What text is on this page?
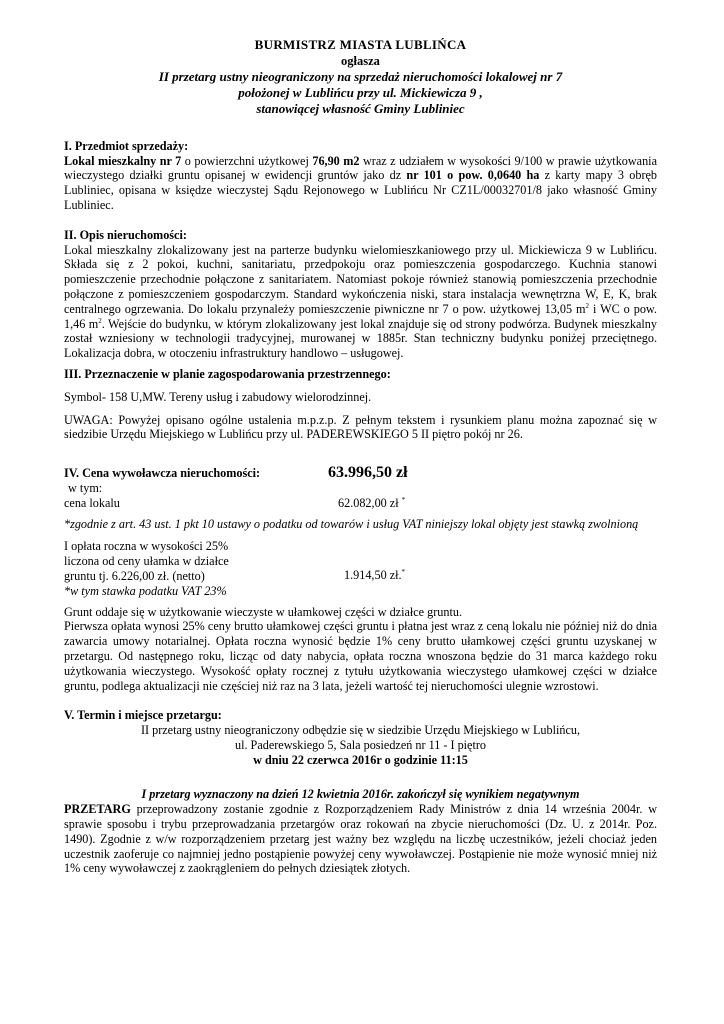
BURMISTRZ MIASTA LUBLIŃCA
ogłasza
II przetarg ustny nieograniczony na sprzedaż nieruchomości lokalowej nr 7
położonej w Lublińcu przy ul. Mickiewicza 9 ,
stanowiącej własność Gminy Lubliniec

I. Przedmiot sprzedaży:

Lokal mieszkalny nr 7 o powierzchni użytkowej 76,90 m2 wraz z udziałem w wysokości 9/100 w prawie użytkowania wieczystego działki gruntu opisanej w ewidencji gruntów jako dz nr 101 o pow. 0,0640 ha z karty mapy 3 obręb Lubliniec, opisana w księdze wieczystej Sądu Rejonowego w Lublińcu Nr CZ1L/00032701/8 jako własność Gminy Lubliniec.

II. Opis nieruchomości:

Lokal mieszkalny zlokalizowany jest na parterze budynku wielomieszkaniowego przy ul. Mickiewicza 9 w Lublińcu. Składa się z 2 pokoi, kuchni, sanitariatu, przedpokoju oraz pomieszczenia gospodarczego. Kuchnia stanowi pomieszczenie przechodnie połączone z sanitariatem. Natomiast pokoje również stanowią pomieszczenia przechodnie połączone z pomieszczeniem gospodarczym. Standard wykończenia niski, stara instalacja wewnętrzna W, E, K, brak centralnego ogrzewania. Do lokalu przynależy pomieszczenie piwniczne nr 7 o pow. użytkowej 13,05 $m^2$ i WC o pow. 1,46 $m^2$. Wejście do budynku, w którym zlokalizowany jest lokal znajduje się od strony podwórza. Budynek mieszkalny został wzniesiony w technologii tradycyjnej, murowanej w 1885r. Stan techniczny budynku poniżej przeciętnego. Lokalizacja dobra, w otoczeniu infrastruktury handlowo – usługowej.

III. Przeznaczenie w planie zagospodarowania przestrzennego:

Symbol- 158 U,MW. Tereny usług i zabudowy wielorodzinnej.

UWAGA: Powyżej opisano ogólne ustalenia m.p.z.p. Z pełnym tekstem i rysunkiem planu można zapoznać się w siedzibie Urzędu Miejskiego w Lublińcu przy ul. PADEREWSKIEGO 5 II piętro pokój nr 26.

IV. Cena wywoławcza nieruchomości:	63.996,50 zł

w tym:

cena lokalu	62.082,00 zł *

*zgodnie z art. 43 ust. 1 pkt 10 ustawy o podatku od towarów i usług VAT niniejszy lokal objęty jest stawką zwolnioną

I opłata roczna w wysokości 25%
liczona od ceny ułamka w działce
gruntu tj. 6.226,00 zł. (netto)
*w tym stawka podatku VAT 23%
1.914,50 zł.*

Grunt oddaje się w użytkowanie wieczyste w ułamkowej części w działce gruntu.

Pierwsza opłata wynosi 25% ceny brutto ułamkowej części gruntu i płatna jest wraz z ceną lokalu nie później niż do dnia zawarcia umowy notarialnej. Opłata roczna wynosić będzie 1% ceny brutto ułamkowej części gruntu uzyskanej w przetargu. Od następnego roku, licząc od daty nabycia, opłata roczna wnoszona będzie do 31 marca każdego roku użytkowania wieczystego. Wysokość opłaty rocznej z tytułu użytkowania wieczystego ułamkowej części w działce gruntu, podlega aktualizacji nie częściej niż raz na 3 lata, jeżeli wartość tej nieruchomości ulegnie wzrostowi.

V. Termin i miejsce przetargu:

II przetarg ustny nieograniczony odbędzie się w siedzibie Urzędu Miejskiego w Lublińcu,

ul. Paderewskiego 5, Sala posiedzeń nr 11 - I piętro

w dniu 22 czerwca 2016r o godzinie 11:15

I przetarg wyznaczony na dzień 12 kwietnia 2016r. zakończył się wynikiem negatywnym

PRZETARG przeprowadzony zostanie zgodnie z Rozporządzeniem Rady Ministrów z dnia 14 września 2004r. w sprawie sposobu i trybu przeprowadzania przetargów oraz rokowań na zbycie nieruchomości (Dz. U. z 2014r. Poz. 1490). Zgodnie z w/w rozporządzeniem przetarg jest ważny bez względu na liczbę uczestników, jeżeli chociaż jeden uczestnik zaoferuje co najmniej jedno postąpienie powyżej ceny wywoławczej. Postąpienie nie może wynosić mniej niż 1% ceny wywoławczej z zaokrągleniem do pełnych dziesiątek złotych.
